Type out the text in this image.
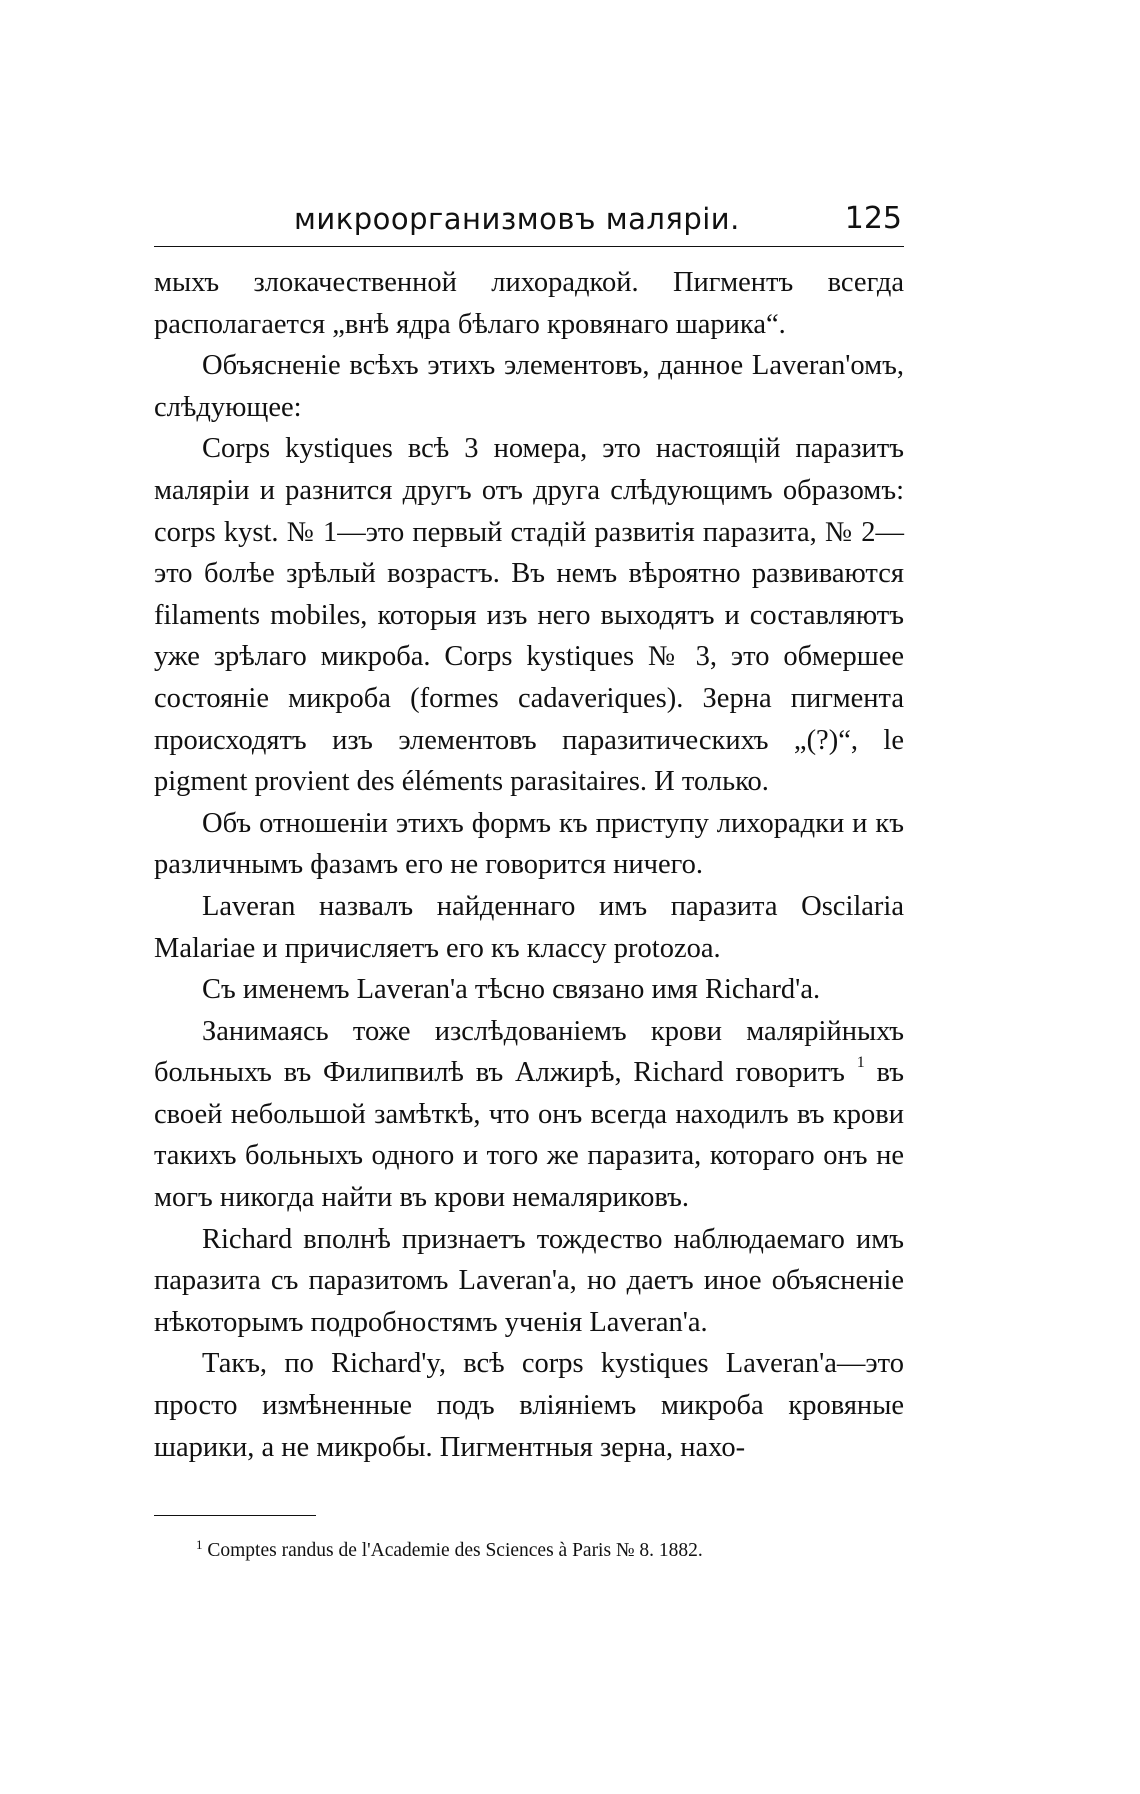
микроорганизмовъ маляріи.	125

мыхъ злокачественной лихорадкой. Пигментъ всегда располагается „внѣ ядра бѣлаго кровянаго шарика“.

Объясненіе всѣхъ этихъ элементовъ, данное Laveran'омъ, слѣдующее:

Corps kystiques всѣ 3 номера, это настоящій паразитъ маляріи и разнится другъ отъ друга слѣдующимъ образомъ: corps kyst. № 1—это первый стадій развитія паразита, № 2—это болѣе зрѣлый возрастъ. Въ немъ вѣроятно развиваются filaments mobiles, которыя изъ него выходятъ и составляютъ уже зрѣлаго микроба. Corps kystiques № 3, это обмершее состояніе микроба (formes cadaveriques). Зерна пигмента происходятъ изъ элементовъ паразитическихъ „(?)“, le pigment provient des éléments parasitaires. И только.

Объ отношеніи этихъ формъ къ приступу лихорадки и къ различнымъ фазамъ его не говорится ничего.

Laveran назвалъ найденнаго имъ паразита Oscilaria Malariae и причисляетъ его къ классу protozoa.

Съ именемъ Laveran'a тѣсно связано имя Richard'a.

Занимаясь тоже изслѣдованіемъ крови малярійныхъ больныхъ въ Филипвилѣ въ Алжирѣ, Richard говоритъ $^1$ въ своей небольшой замѣткѣ, что онъ всегда находилъ въ крови такихъ больныхъ одного и того же паразита, котораго онъ не могъ никогда найти въ крови немаляриковъ.

Richard вполнѣ признаетъ тождество наблюдаемаго имъ паразита съ паразитомъ Laveran'a, но даетъ иное объясненіе нѣкоторымъ подробностямъ ученія Laveran'a.

Такъ, по Richard'y, всѣ corps kystiques Laveran'a—это просто измѣненные подъ вліяніемъ микроба кровяные шарики, а не микробы. Пигментныя зерна, нахо-

$^1$ Comptes randus de l'Academie des Sciences à Paris № 8. 1882.
